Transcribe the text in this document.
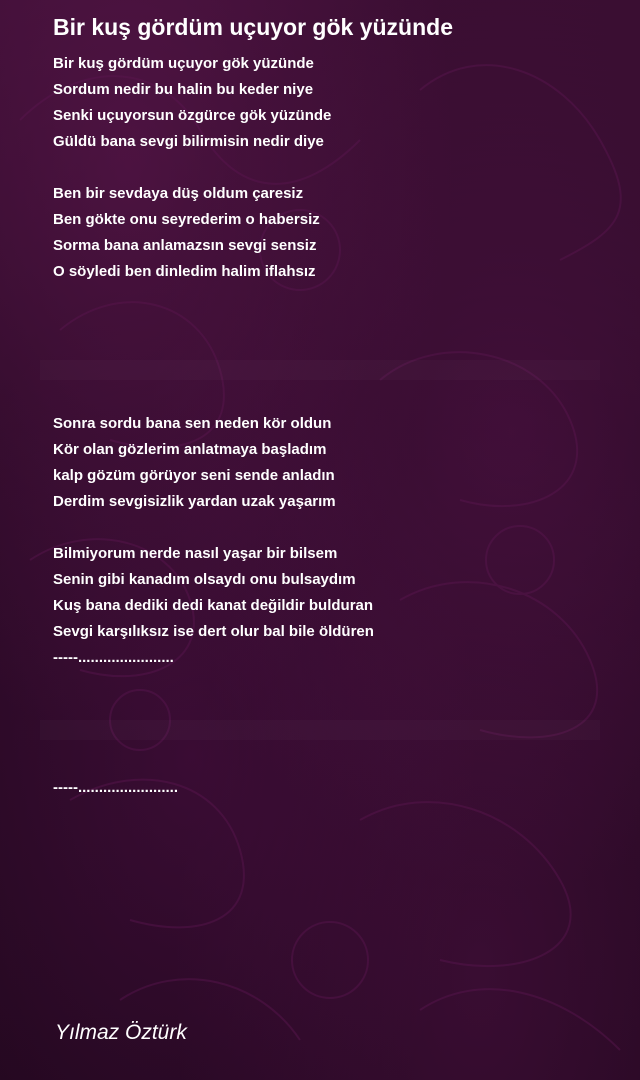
Bir kuş gördüm uçuyor gök yüzünde
Bir kuş gördüm uçuyor gök yüzünde
Sordum nedir bu halin bu keder niye
Senki uçuyorsun özgürce gök yüzünde
Güldü bana sevgi bilirmisin nedir diye
Ben bir sevdaya düş oldum çaresiz
Ben gökte onu seyrederim o habersiz
Sorma bana anlamazsın sevgi sensiz
O söyledi ben dinledim halim iflahsız
Sonra sordu bana sen neden kör oldun
Kör olan gözlerim anlatmaya başladım
kalp gözüm görüyor seni sende anladın
Derdim sevgisizlik yardan uzak yaşarım
Bilmiyorum nerde nasıl yaşar bir bilsem
Senin gibi kanadım olsaydı onu bulsaydım
Kuş bana dediki dedi kanat değildir bulduran
Sevgi karşılıksız ise dert olur bal bile öldüren
-----.......................
-----........................

Yılmaz Öztürk
